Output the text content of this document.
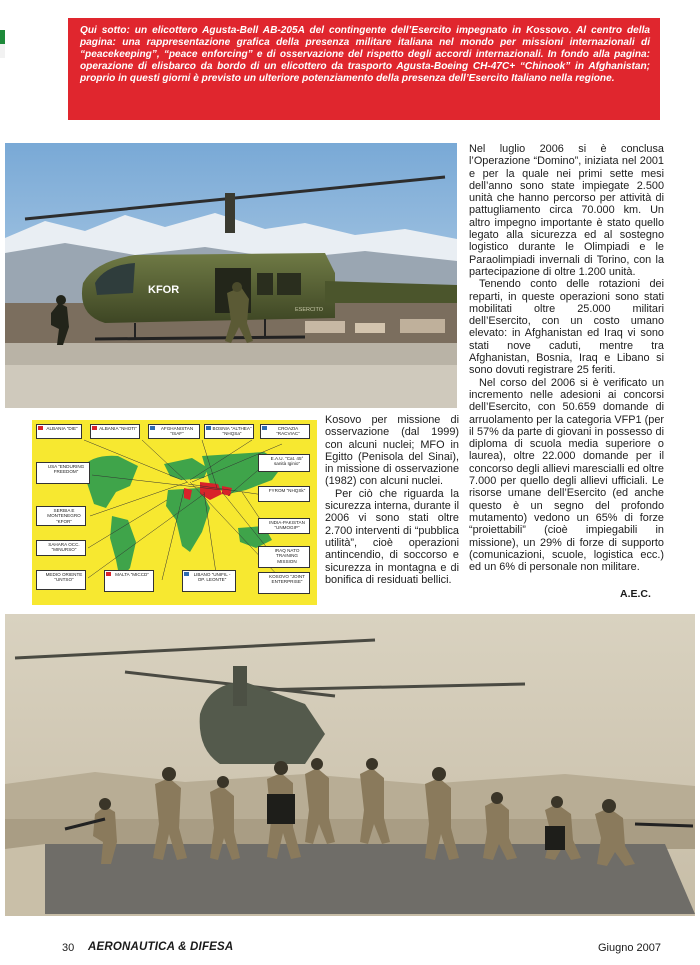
Qui sotto: un elicottero Agusta-Bell AB-205A del contingente dell’Esercito impegnato in Kossovo. Al centro della pagina: una rappresentazione grafica della presenza militare italiana nel mondo per missioni internazionali di “peacekeeping”, “peace enforcing” e di osservazione del rispetto degli accordi internazionali. In fondo alla pagina: operazione di elisbarco da bordo di un elicottero da trasporto Agusta-Boeing CH-47C+ “Chinook” in Afghanistan; proprio in questi giorni è previsto un ulteriore potenziamento della presenza dell’Esercito Italiano nella regione.

KFOR
ESERCITO
ALBANIA “DIE”	ALBANIA “NHOTI”	AFGHANISTAN “ISAF”
BOSNIA “ALTHEA” “NHQSa”
CROAZIA “RACVIAC”
USA “ENDURING FREEDOM”
E.A.U. “Cat. 45° sanità Iginio”
SERBIA E MONTENEGRO “KFOR”
FYROM “NHQSk”
SAHARA OCC. “MINURSO”
INDIA-PAKISTAN “UNMOGIP”
MEDIO ORIENTE “UNTSO”
IRAQ NATO TRAINING MISSION
MALTA “MICCD”	LIBANO “UNIFIL - OP. LEONTE”
KOSOVO “JOINT ENTERPRISE”

Kosovo per missione di osservazione (dal 1999) con alcuni nuclei; MFO in Egitto (Penisola del Sinai), in missione di osservazione (1982) con alcuni nuclei.

Per ciò che riguarda la sicurezza interna, durante il 2006 vi sono stati oltre 2.700 interventi di “pubblica utilità”, cioè operazioni antincendio, di soccorso e sicurezza in montagna e di bonifica di residuati bellici.

Nel luglio 2006 si è conclusa l’Operazione “Domino”, iniziata nel 2001 e per la quale nei primi sette mesi dell’anno sono state impiegate 2.500 unità che hanno percorso per attività di pattugliamento circa 70.000 km. Un altro impegno importante è stato quello legato alla sicurezza ed al sostegno logistico durante le Olimpiadi e le Paraolimpiadi invernali di Torino, con la partecipazione di oltre 1.200 unità.

Tenendo conto delle rotazioni dei reparti, in queste operazioni sono stati mobilitati oltre 25.000 militari dell’Esercito, con un costo umano elevato: in Afghanistan ed Iraq vi sono stati nove caduti, mentre tra Afghanistan, Bosnia, Iraq e Libano si sono dovuti registrare 25 feriti.

Nel corso del 2006 si è verificato un incremento nelle adesioni ai concorsi dell’Esercito, con 50.659 domande di arruolamento per la categoria VFP1 (per il 57% da parte di giovani in possesso di diploma di scuola media superiore o laurea), oltre 22.000 domande per il concorso degli allievi marescialli ed oltre 7.000 per quello degli allievi ufficiali. Le risorse umane dell’Esercito (ed anche questo è un segno del profondo mutamento) vedono un 65% di forze “proiettabili” (cioè impiegabili in missione), un 29% di forze di supporto (comunicazioni, scuole, logistica ecc.) ed un 6% di personale non militare.

A.E.C.
30 AERONAUTICA & DIFESA	Giugno 2007
